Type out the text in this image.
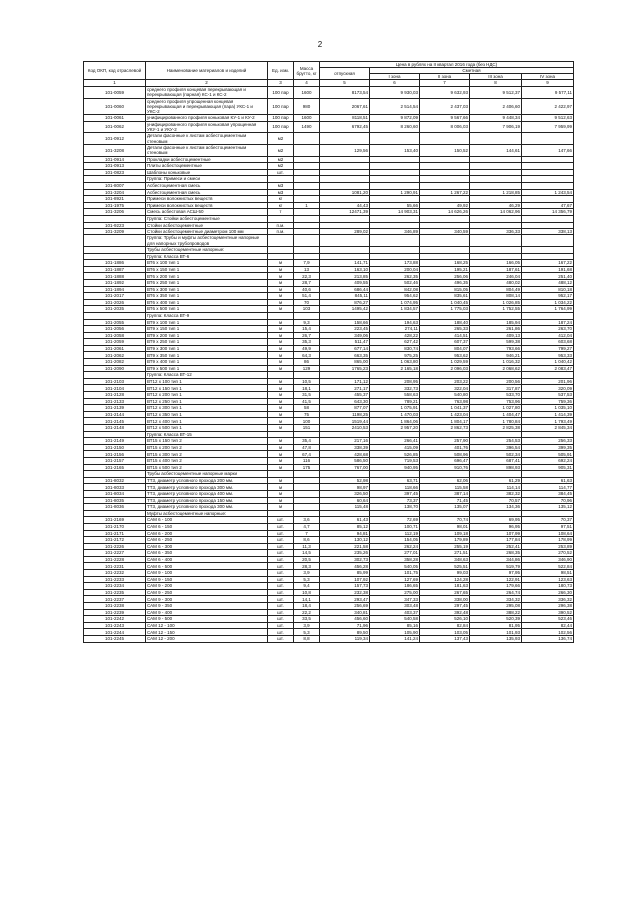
2
Код ОКП, код отраслевой	Наименование материалов и изделий	Ед. изм.	Масса брутто, кг	Цена в рублях на II квартал 2016 года (без НДС)				
				отпускная	Сметная			
					I зона	II зона	III зона	IV зона
1	2	3	4	5	6	7	8	9
101-0059	среднего профиля концевая перекрывающая и перекрывающая (парная) КС-1 и КС-2	100 пар	1600	8173,54	9 930,03	9 632,93	9 512,37	9 577,11
101-0060	среднего профиля упрощенная концевая перекрывающая и перекрывающая (пара) УКС-1 и УКС-2	100 пар	980	2067,61	2 514,54	2 437,03	2 406,60	2 422,97
101-0061	унифицированного профиля коньковая КУ-1 и КУ-2	100 пар	1600	8118,51	9 872,09	9 567,66	9 448,34	9 512,63
101-0062	унифицированного профиля коньковая упрощенная УКУ-1 и УКУ-2	100 пар	1490	6792,45	8 260,60	8 006,03	7 906,19	7 959,99
101-0912	Детали фасонные к листам асбестоцементным стеновым	м2						
101-3208	Детали фасонные к листам асбестоцементным стеновым	м2		129,56	153,40	150,52	144,61	147,66
101-0914	Прокладки асбестоцементные	м2						
101-0913	Плиты асбестоцементные	м2						
101-0823	Шаблоны коньковые	шт.						
	Группа: Примеси и смеси							
101-8007	Асбестоцементная смесь	м3						
101-3204	Асбестоцементная смесь	м3		1081,20	1 290,91	1 267,22	1 218,85	1 243,54
101-8921	Примеси волокнистых веществ	кг						
101-1975	Примеси волокнистых веществ	кг	1	44,43	55,66	49,92	46,29	47,67
101-3206	Смесь асбестовая АСШ-50	т		12471,39	14 903,31	14 626,26	14 062,96	14 356,79
	Группа: Стойки асбестоцементные							
101-9223	Стойки асбестоцементные	п.м.						
101-3209	Стойки асбестоцементные диаметром 100 мм	п.м.		289,02	346,89	340,59	336,33	338,13
	Группа: Трубы и муфты асбестоцементные напорные для напорных трубопроводов							
	Трубы асбестоцементные напорные:							
	Группа: Класса ВТ-6							
101-1886	ВТ6 х 100 тип 1	м	7,9	141,71	173,88	168,25	166,05	167,22
101-1887	ВТ6 х 150 тип 1	м	13	163,10	200,04	195,21	187,61	191,68
101-1888	ВТ6 х 200 тип 1	м	22,3	213,85	262,35	256,06	246,04	251,40
101-1892	ВТ6 х 250 тип 1	м	28,7	409,55	502,46	496,35	480,02	488,12
101-1894	ВТ6 х 300 тип 1	м	40,6	686,44	842,08	815,05	804,49	810,18
101-2017	ВТ6 х 350 тип 1	м	51,4	845,11	954,62	835,61	808,14	952,17
101-2026	ВТ6 х 400 тип 1	м	70	876,27	1 074,95	1 040,45	1 026,85	1 034,22
101-2035	ВТ6 х 500 тип 1	м	103	1495,42	1 834,57	1 775,03	1 752,55	1 764,99
	Группа: Класса ВТ-9							
101-2055	ВТ9 х 100 тип 1	м	9,3	158,66	194,63	188,40	185,94	187,24
101-2056	ВТ9 х 150 тип 1	м	15,4	223,45	274,11	265,33	261,86	263,70
101-2058	ВТ9 х 200 тип 1	м	26,7	349,06	428,22	414,51	409,13	412,04
101-2059	ВТ9 х 250 тип 1	м	35,3	511,47	627,42	607,37	599,38	603,68
101-2061	ВТ9 х 300 тип 1	м	49,9	677,14	830,74	804,07	793,66	799,27
101-2062	ВТ9 х 350 тип 1	м	64,3	663,35	975,25	953,62	946,21	953,33
101-2082	ВТ9 х 400 тип 1	м	86	865,00	1 063,80	1 029,59	1 016,32	1 040,42
101-2090	ВТ9 х 500 тип 1	м	129	1765,23	2 165,18	2 096,03	2 068,62	2 083,47
	Группа: Класса ВТ-12							
101-2103	ВТ12 х 100 тип 1	м	10,5	171,12	208,95	203,22	200,56	201,96
101-2104	ВТ12 х 150 тип 1	м	18,1	271,17	332,73	322,04	317,87	320,09
101-2128	ВТ12 х 200 тип 1	м	31,5	455,37	558,63	540,80	533,70	537,53
101-2133	ВТ12 х 250 тип 1	м	41,5	643,30	789,21	763,98	753,96	759,36
101-2139	ВТ12 х 300 тип 1	м	58	877,07	1 075,91	1 041,37	1 027,80	1 035,10
101-2144	ВТ12 х 350 тип 1	м	75	1198,25	1 470,03	1 423,04	1 404,47	1 414,39
101-2145	ВТ12 х 400 тип 1	м	100	1519,44	1 864,06	1 804,17	1 780,84	1 793,49
101-2148	ВТ12 х 500 тип 1	м	151	2410,53	2 957,20	2 862,73	2 825,38	2 845,34
	Группа: Класса ВТ-15							
101-2149	ВТ15 х 150 тип 2	м	35,4	217,16	266,41	257,90	254,53	256,33
101-2150	ВТ15 х 200 тип 2	м	47,8	338,39	415,09	401,76	396,54	399,35
101-2156	ВТ15 х 300 тип 2	м	67,4	428,68	526,85	508,96	502,34	505,91
101-2157	ВТ15 х 400 тип 2	м	116	586,50	719,53	696,47	687,41	692,24
101-2165	ВТ15 х 500 тип 2	м	175	767,00	940,95	910,76	898,93	905,31
	Трубы асбестоцементные напорные марки							
101-8032	ТТ3, диаметр условного прохода 200 мм.	м		52,98	63,71	62,06	61,29	61,63
101-8033	ТТ3, диаметр условного прохода 300 мм.	м		98,97	118,66	115,58	114,14	114,77
101-8034	ТТ3, диаметр условного прохода 400 мм.	м		326,50	397,45	387,14	382,32	384,45
101-8035	ТТ3, диаметр условного прохода 150 мм.	м		60,64	73,37	71,45	70,57	70,96
101-8036	ТТ3, диаметр условного прохода 300 мм.	м		115,48	138,70	135,07	134,36	135,12
	Муфты асбестоцементные напорные:							
101-2169	САМ 6 - 100	шт.	3,6	61,43	72,69	70,74	69,95	70,37
101-2170	САМ 6 - 150	шт.	4,7	85,12	100,71	98,01	96,95	97,51
101-2171	САМ 6 - 200	шт.	7	94,81	112,19	109,18	107,99	108,64
101-2172	САМ 6 - 250	шт.	8,6	130,12	154,05	179,89	177,84	178,99
101-2226	САМ 6 - 300	шт.	11,3	221,58	262,24	255,19	252,41	253,89
101-2227	САМ 6 - 350	шт.	14,5	235,26	277,01	271,51	268,35	270,52
101-2228	САМ 6 - 400	шт.	20,5	302,73	358,28	348,63	344,86	346,90
101-2231	САМ 6 - 500	шт.	28,3	456,28	540,05	525,51	519,79	522,84
101-2232	САМ 9 - 100	шт.	3,9	85,99	101,75	99,03	97,95	98,51
101-2233	САМ 9 - 150	шт.	5,3	107,92	127,69	124,28	122,91	123,63
101-2234	САМ 9 - 200	шт.	9,4	157,73	186,65	181,63	179,66	180,73
101-2235	САМ 9 - 250	шт.	10,8	232,38	275,00	267,65	264,74	266,30
101-2237	САМ 9 - 300	шт.	14,1	293,47	347,33	338,00	334,32	336,32
101-2238	САМ 9 - 350	шт.	18,4	256,69	303,48	297,45	295,08	296,38
101-2239	САМ 9 - 400	шт.	22,2	340,81	403,37	392,48	388,22	390,52
101-2242	САМ 9 - 500	шт.	33,5	456,60	540,58	526,10	520,39	523,46
101-2243	САМ 12 - 100	шт.	3,9	71,96	85,16	82,84	81,95	82,44
101-2244	САМ 12 - 150	шт.	5,3	89,50	105,90	103,05	101,93	102,56
101-2245	САМ 12 - 200	шт.	8,8	119,34	141,24	137,43	135,93	136,74
